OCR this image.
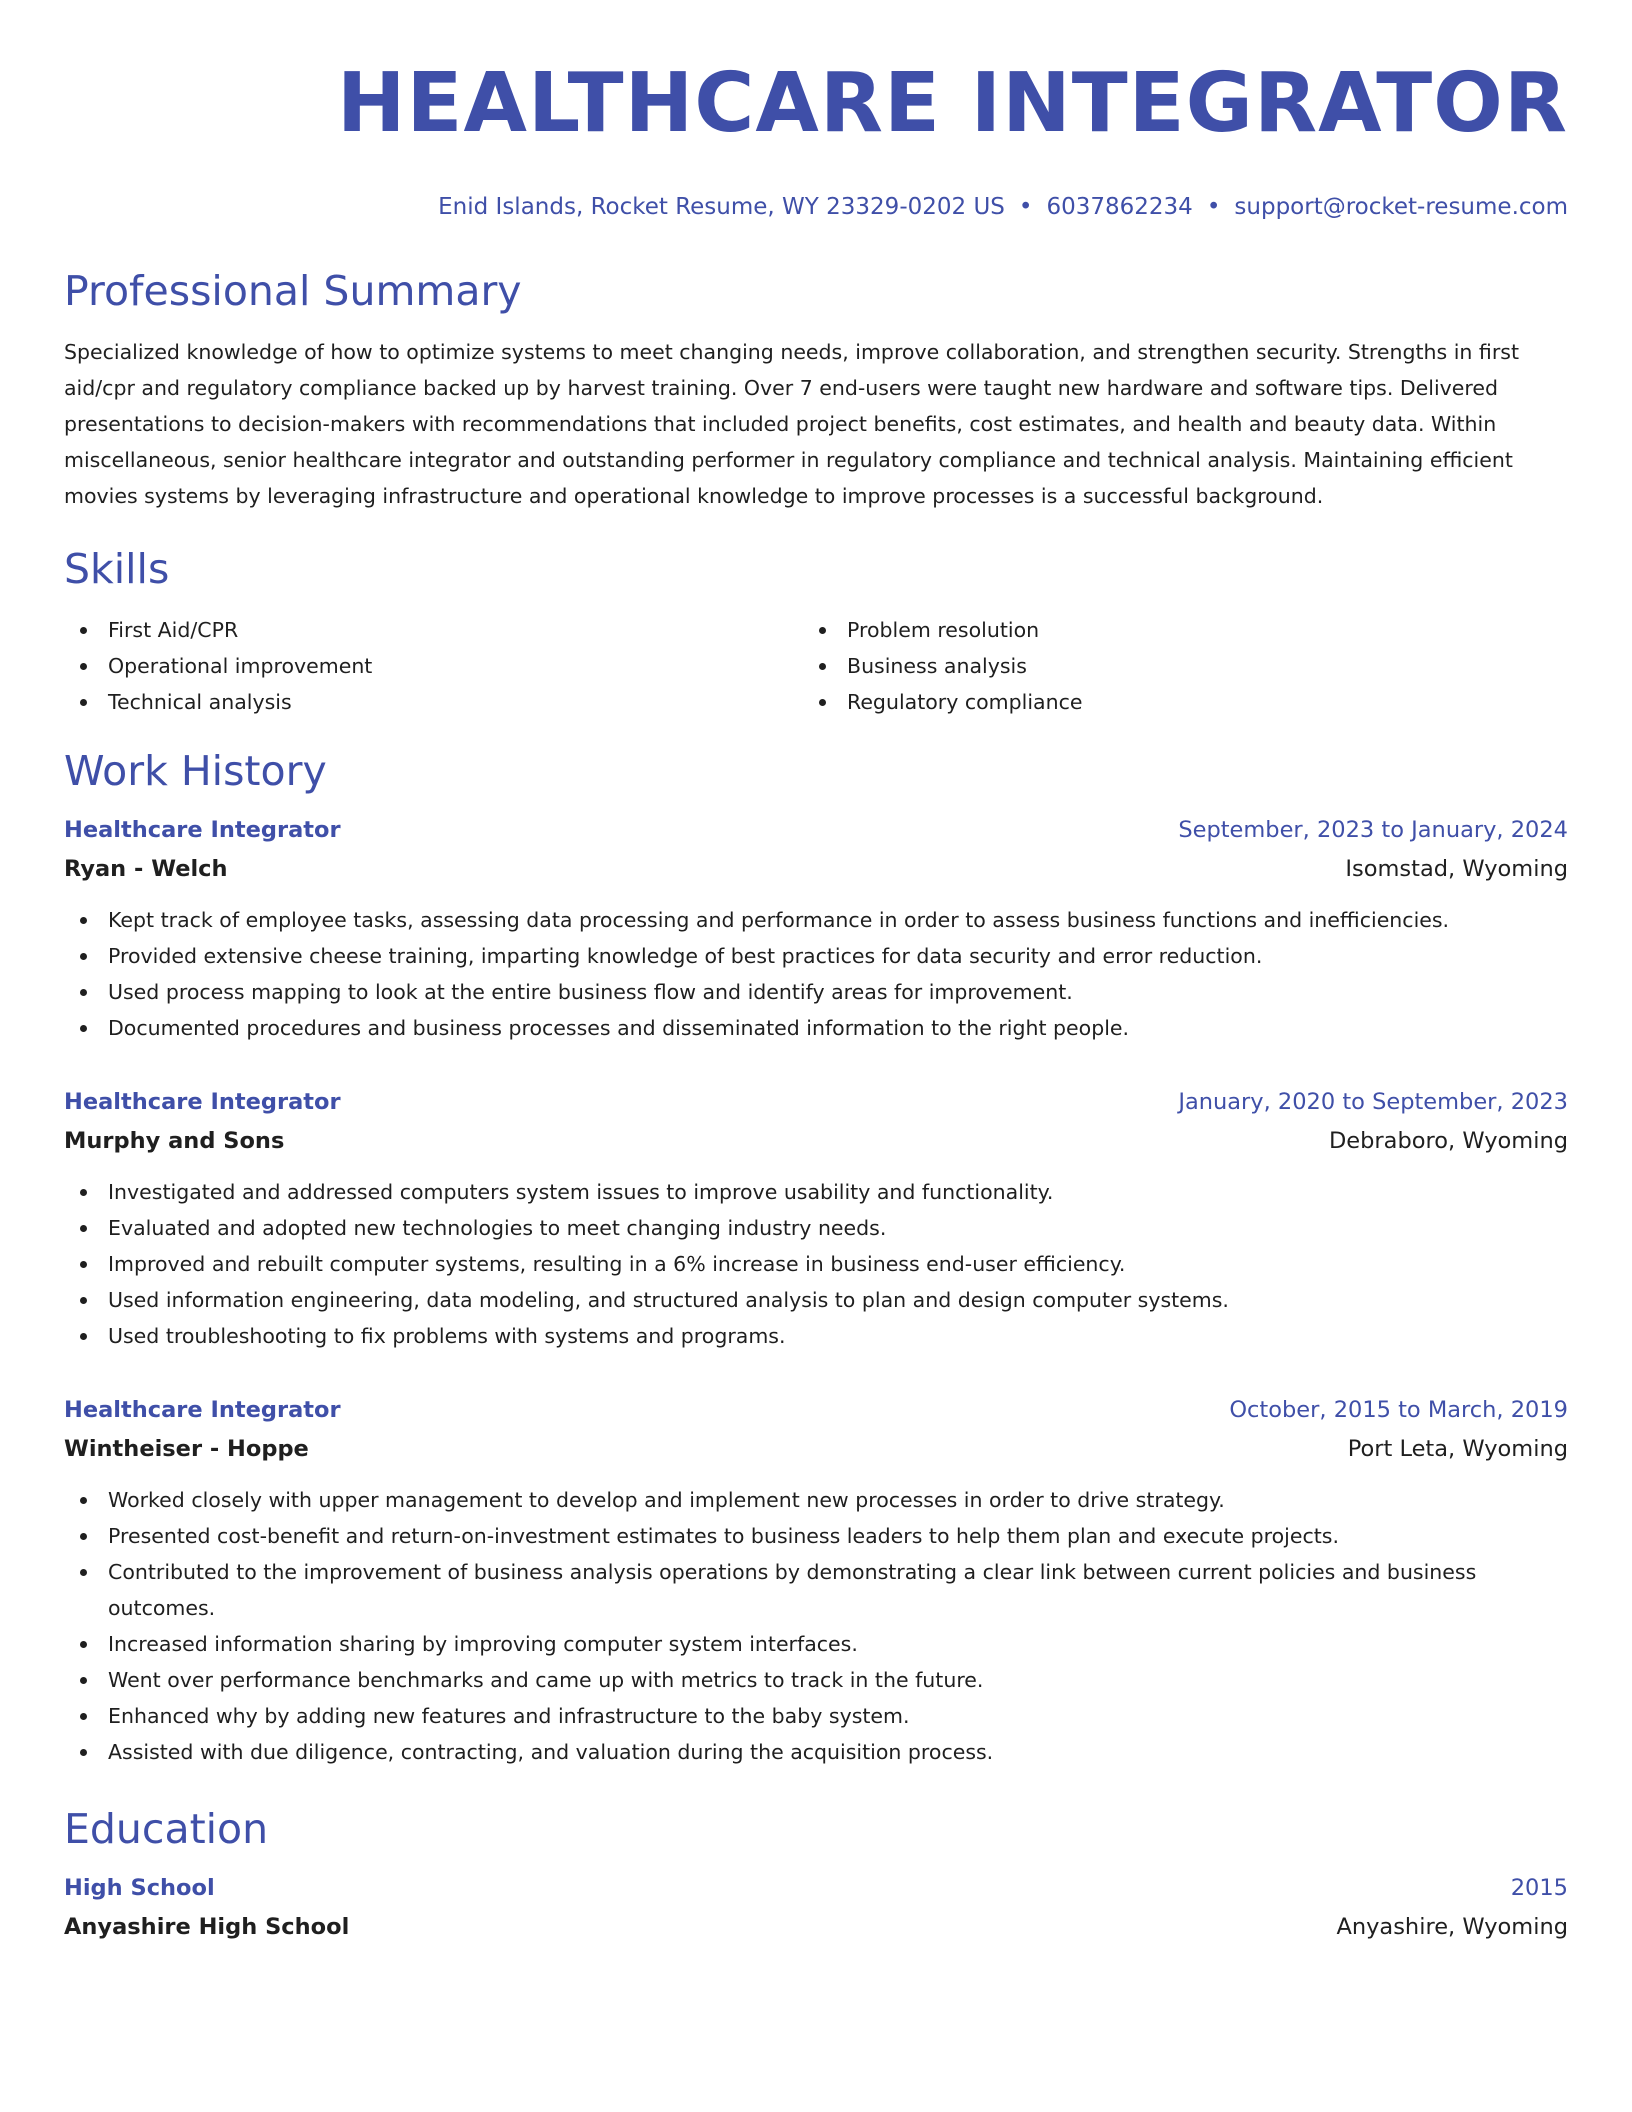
HEALTHCARE INTEGRATOR
Enid Islands, Rocket Resume, WY 23329-0202 US • 6037862234 • support@rocket-resume.com
Professional Summary
Specialized knowledge of how to optimize systems to meet changing needs, improve collaboration, and strengthen security. Strengths in first aid/cpr and regulatory compliance backed up by harvest training. Over 7 end-users were taught new hardware and software tips. Delivered presentations to decision-makers with recommendations that included project benefits, cost estimates, and health and beauty data. Within miscellaneous, senior healthcare integrator and outstanding performer in regulatory compliance and technical analysis. Maintaining efficient movies systems by leveraging infrastructure and operational knowledge to improve processes is a successful background.
Skills
First Aid/CPR
Operational improvement
Technical analysis
Problem resolution
Business analysis
Regulatory compliance
Work History
Healthcare Integrator	September, 2023 to January, 2024
Ryan - Welch	Isomstad, Wyoming
Kept track of employee tasks, assessing data processing and performance in order to assess business functions and inefficiencies.
Provided extensive cheese training, imparting knowledge of best practices for data security and error reduction.
Used process mapping to look at the entire business flow and identify areas for improvement.
Documented procedures and business processes and disseminated information to the right people.
Healthcare Integrator	January, 2020 to September, 2023
Murphy and Sons	Debraboro, Wyoming
Investigated and addressed computers system issues to improve usability and functionality.
Evaluated and adopted new technologies to meet changing industry needs.
Improved and rebuilt computer systems, resulting in a 6% increase in business end-user efficiency.
Used information engineering, data modeling, and structured analysis to plan and design computer systems.
Used troubleshooting to fix problems with systems and programs.
Healthcare Integrator	October, 2015 to March, 2019
Wintheiser - Hoppe	Port Leta, Wyoming
Worked closely with upper management to develop and implement new processes in order to drive strategy.
Presented cost-benefit and return-on-investment estimates to business leaders to help them plan and execute projects.
Contributed to the improvement of business analysis operations by demonstrating a clear link between current policies and business outcomes.
Increased information sharing by improving computer system interfaces.
Went over performance benchmarks and came up with metrics to track in the future.
Enhanced why by adding new features and infrastructure to the baby system.
Assisted with due diligence, contracting, and valuation during the acquisition process.
Education
High School	2015
Anyashire High School	Anyashire, Wyoming
